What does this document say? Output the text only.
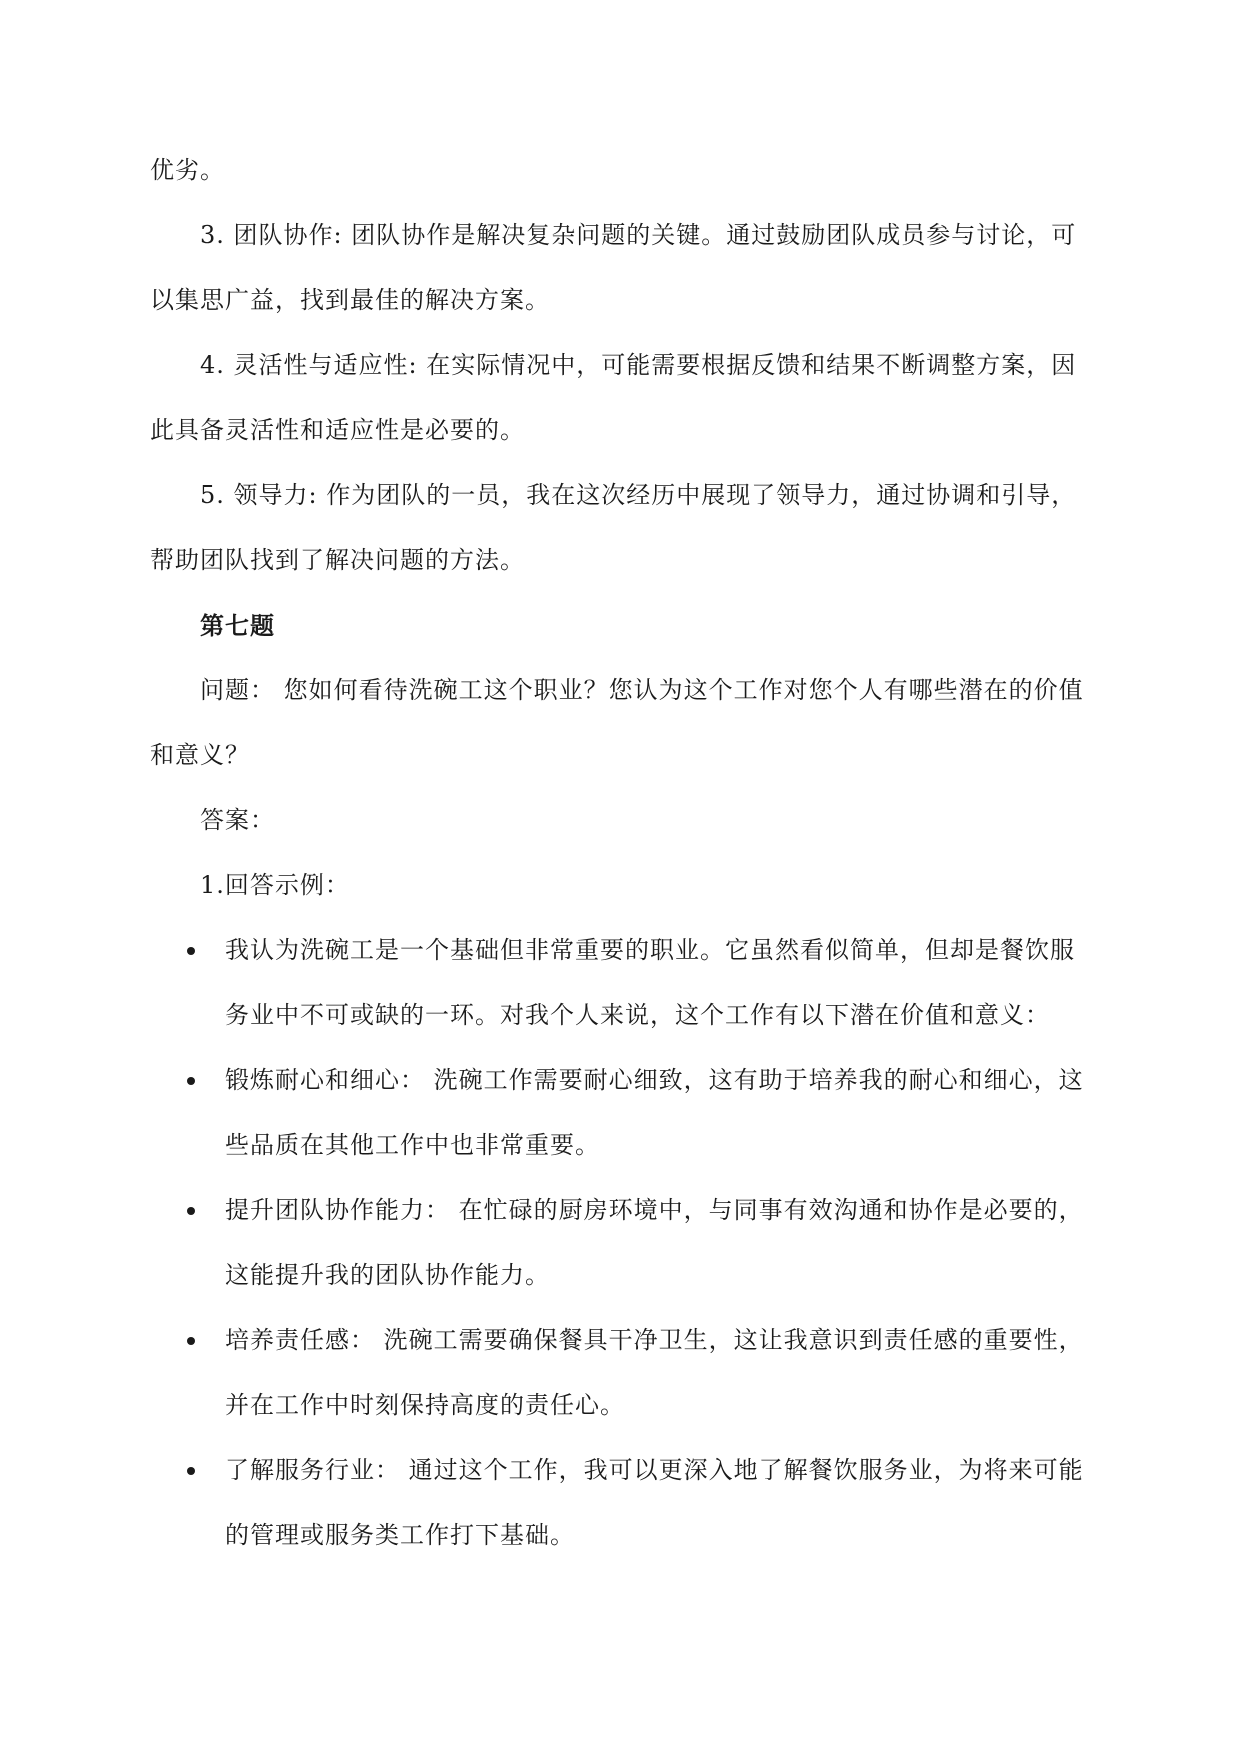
优劣。

3. 团队协作: 团队协作是解决复杂问题的关键。通过鼓励团队成员参与讨论，可以集思广益，找到最佳的解决方案。

4. 灵活性与适应性: 在实际情况中，可能需要根据反馈和结果不断调整方案，因此具备灵活性和适应性是必要的。

5. 领导力: 作为团队的一员，我在这次经历中展现了领导力，通过协调和引导，帮助团队找到了解决问题的方法。

第七题

问题： 您如何看待洗碗工这个职业？您认为这个工作对您个人有哪些潜在的价值和意义？

答案：

1.回答示例：

我认为洗碗工是一个基础但非常重要的职业。它虽然看似简单，但却是餐饮服务业中不可或缺的一环。对我个人来说，这个工作有以下潜在价值和意义：
锻炼耐心和细心： 洗碗工作需要耐心细致，这有助于培养我的耐心和细心，这些品质在其他工作中也非常重要。
提升团队协作能力： 在忙碌的厨房环境中，与同事有效沟通和协作是必要的，这能提升我的团队协作能力。
培养责任感： 洗碗工需要确保餐具干净卫生，这让我意识到责任感的重要性，并在工作中时刻保持高度的责任心。
了解服务行业： 通过这个工作，我可以更深入地了解餐饮服务业，为将来可能的管理或服务类工作打下基础。
